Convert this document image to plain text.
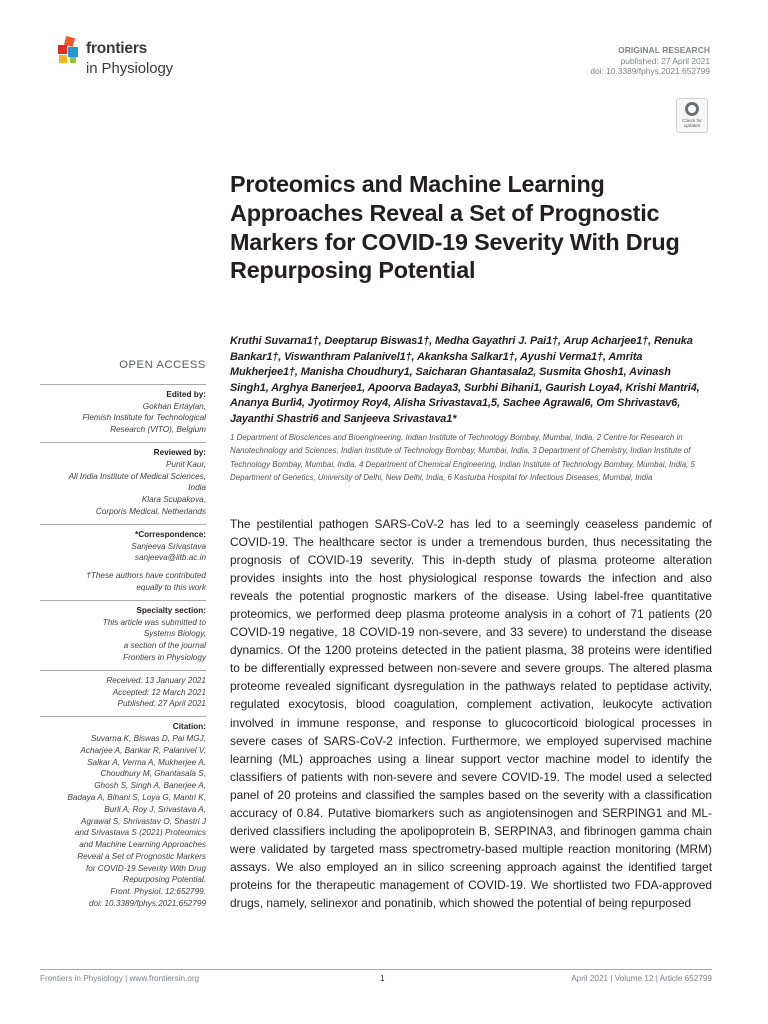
frontiers
in Physiology
ORIGINAL RESEARCH
published: 27 April 2021
doi: 10.3389/fphys.2021.652799
Check for
updates
Proteomics and Machine Learning Approaches Reveal a Set of Prognostic Markers for COVID-19 Severity With Drug Repurposing Potential
Kruthi Suvarna1†, Deeptarup Biswas1†, Medha Gayathri J. Pai1†, Arup Acharjee1†, Renuka Bankar1†, Viswanthram Palanivel1†, Akanksha Salkar1†, Ayushi Verma1†, Amrita Mukherjee1†, Manisha Choudhury1, Saicharan Ghantasala2, Susmita Ghosh1, Avinash Singh1, Arghya Banerjee1, Apoorva Badaya3, Surbhi Bihani1, Gaurish Loya4, Krishi Mantri4, Ananya Burli4, Jyotirmoy Roy4, Alisha Srivastava1,5, Sachee Agrawal6, Om Shrivastav6, Jayanthi Shastri6 and Sanjeeva Srivastava1*
1 Department of Biosciences and Bioengineering, Indian Institute of Technology Bombay, Mumbai, India, 2 Centre for Research in Nanotechnology and Sciences, Indian Institute of Technology Bombay, Mumbai, India, 3 Department of Chemistry, Indian Institute of Technology Bombay, Mumbai, India, 4 Department of Chemical Engineering, Indian Institute of Technology Bombay, Mumbai, India, 5 Department of Genetics, University of Delhi, New Delhi, India, 6 Kasturba Hospital for Infectious Diseases, Mumbai, India
OPEN ACCESS
Edited by:
Gokhan Ertaylan,
Flemish Institute for Technological
Research (VITO), Belgium
Reviewed by:
Punit Kaur,
All India Institute of Medical Sciences,
India
Klara Scupakova,
Corporis Medical, Netherlands
*Correspondence:
Sanjeeva Srivastava
sanjeeva@iitb.ac.in
†These authors have contributed
equally to this work
Specialty section:
This article was submitted to
Systems Biology,
a section of the journal
Frontiers in Physiology
Received: 13 January 2021
Accepted: 12 March 2021
Published: 27 April 2021
Citation:
Suvarna K, Biswas D, Pai MGJ,
Acharjee A, Bankar R, Palanivel V,
Salkar A, Verma A, Mukherjee A,
Choudhury M, Ghantasala S,
Ghosh S, Singh A, Banerjee A,
Badaya A, Bihani S, Loya G, Mantri K,
Burli A, Roy J, Srivastava A,
Agrawal S, Shrivastav O, Shastri J
and Srivastava S (2021) Proteomics
and Machine Learning Approaches
Reveal a Set of Prognostic Markers
for COVID-19 Severity With Drug
Repurposing Potential.
Front. Physiol. 12:652799.
doi: 10.3389/fphys.2021.652799

The pestilential pathogen SARS-CoV-2 has led to a seemingly ceaseless pandemic of COVID-19. The healthcare sector is under a tremendous burden, thus necessitating the prognosis of COVID-19 severity. This in-depth study of plasma proteome alteration provides insights into the host physiological response towards the infection and also reveals the potential prognostic markers of the disease. Using label-free quantitative proteomics, we performed deep plasma proteome analysis in a cohort of 71 patients (20 COVID-19 negative, 18 COVID-19 non-severe, and 33 severe) to understand the disease dynamics. Of the 1200 proteins detected in the patient plasma, 38 proteins were identified to be differentially expressed between non-severe and severe groups. The altered plasma proteome revealed significant dysregulation in the pathways related to peptidase activity, regulated exocytosis, blood coagulation, complement activation, leukocyte activation involved in immune response, and response to glucocorticoid biological processes in severe cases of SARS-CoV-2 infection. Furthermore, we employed supervised machine learning (ML) approaches using a linear support vector machine model to identify the classifiers of patients with non-severe and severe COVID-19. The model used a selected panel of 20 proteins and classified the samples based on the severity with a classification accuracy of 0.84. Putative biomarkers such as angiotensinogen and SERPING1 and ML-derived classifiers including the apolipoprotein B, SERPINA3, and fibrinogen gamma chain were validated by targeted mass spectrometry-based multiple reaction monitoring (MRM) assays. We also employed an in silico screening approach against the identified target proteins for the therapeutic management of COVID-19. We shortlisted two FDA-approved drugs, namely, selinexor and ponatinib, which showed the potential of being repurposed

Frontiers in Physiology | www.frontiersin.org	1	April 2021 | Volume 12 | Article 652799
